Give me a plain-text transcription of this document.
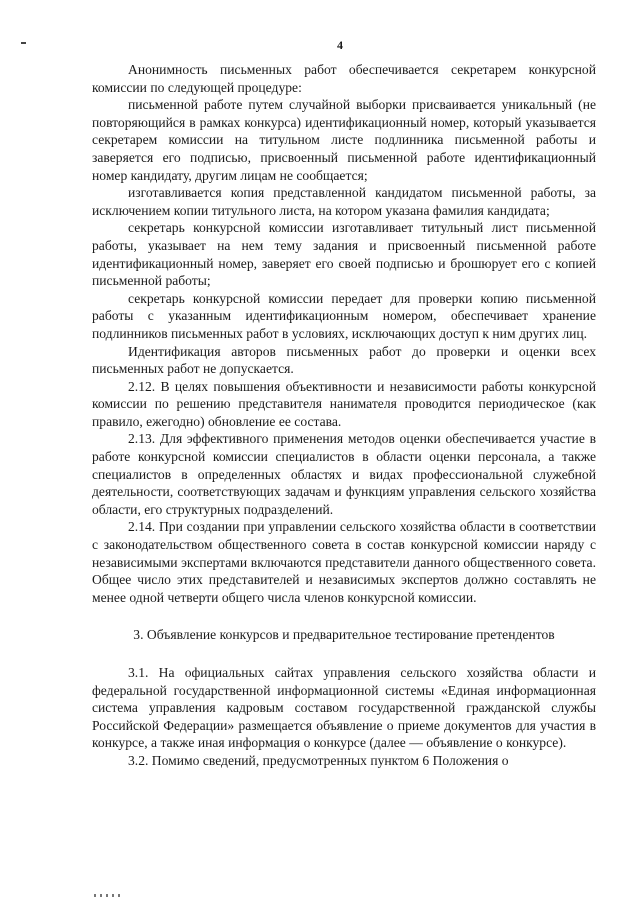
4

Анонимность письменных работ обеспечивается секретарем конкурсной комиссии по следующей процедуре:

письменной работе путем случайной выборки присваивается уникальный (не повторяющийся в рамках конкурса) идентификационный номер, который указывается секретарем комиссии на титульном листе подлинника письменной работы и заверяется его подписью, присвоенный письменной работе идентификационный номер кандидату, другим лицам не сообщается;

изготавливается копия представленной кандидатом письменной работы, за исключением копии титульного листа, на котором указана фамилия кандидата;

секретарь конкурсной комиссии изготавливает титульный лист письменной работы, указывает на нем тему задания и присвоенный письменной работе идентификационный номер, заверяет его своей подписью и брошюрует его с копией письменной работы;

секретарь конкурсной комиссии передает для проверки копию письменной работы с указанным идентификационным номером, обеспечивает хранение подлинников письменных работ в условиях, исключающих доступ к ним других лиц.

Идентификация авторов письменных работ до проверки и оценки всех письменных работ не допускается.

2.12. В целях повышения объективности и независимости работы конкурсной комиссии по решению представителя нанимателя проводится периодическое (как правило, ежегодно) обновление ее состава.

2.13. Для эффективного применения методов оценки обеспечивается участие в работе конкурсной комиссии специалистов в области оценки персонала, а также специалистов в определенных областях и видах профессиональной служебной деятельности, соответствующих задачам и функциям управления сельского хозяйства области, его структурных подразделений.

2.14. При создании при управлении сельского хозяйства области в соответствии с законодательством общественного совета в состав конкурсной комиссии наряду с независимыми экспертами включаются представители данного общественного совета. Общее число этих представителей и независимых экспертов должно составлять не менее одной четверти общего числа членов конкурсной комиссии.

3. Объявление конкурсов и предварительное тестирование претендентов

3.1. На официальных сайтах управления сельского хозяйства области и федеральной государственной информационной системы «Единая информационная система управления кадровым составом государственной гражданской службы Российской Федерации» размещается объявление о приеме документов для участия в конкурсе, а также иная информация о конкурсе (далее — объявление о конкурсе).

3.2. Помимо сведений, предусмотренных пунктом 6 Положения о
